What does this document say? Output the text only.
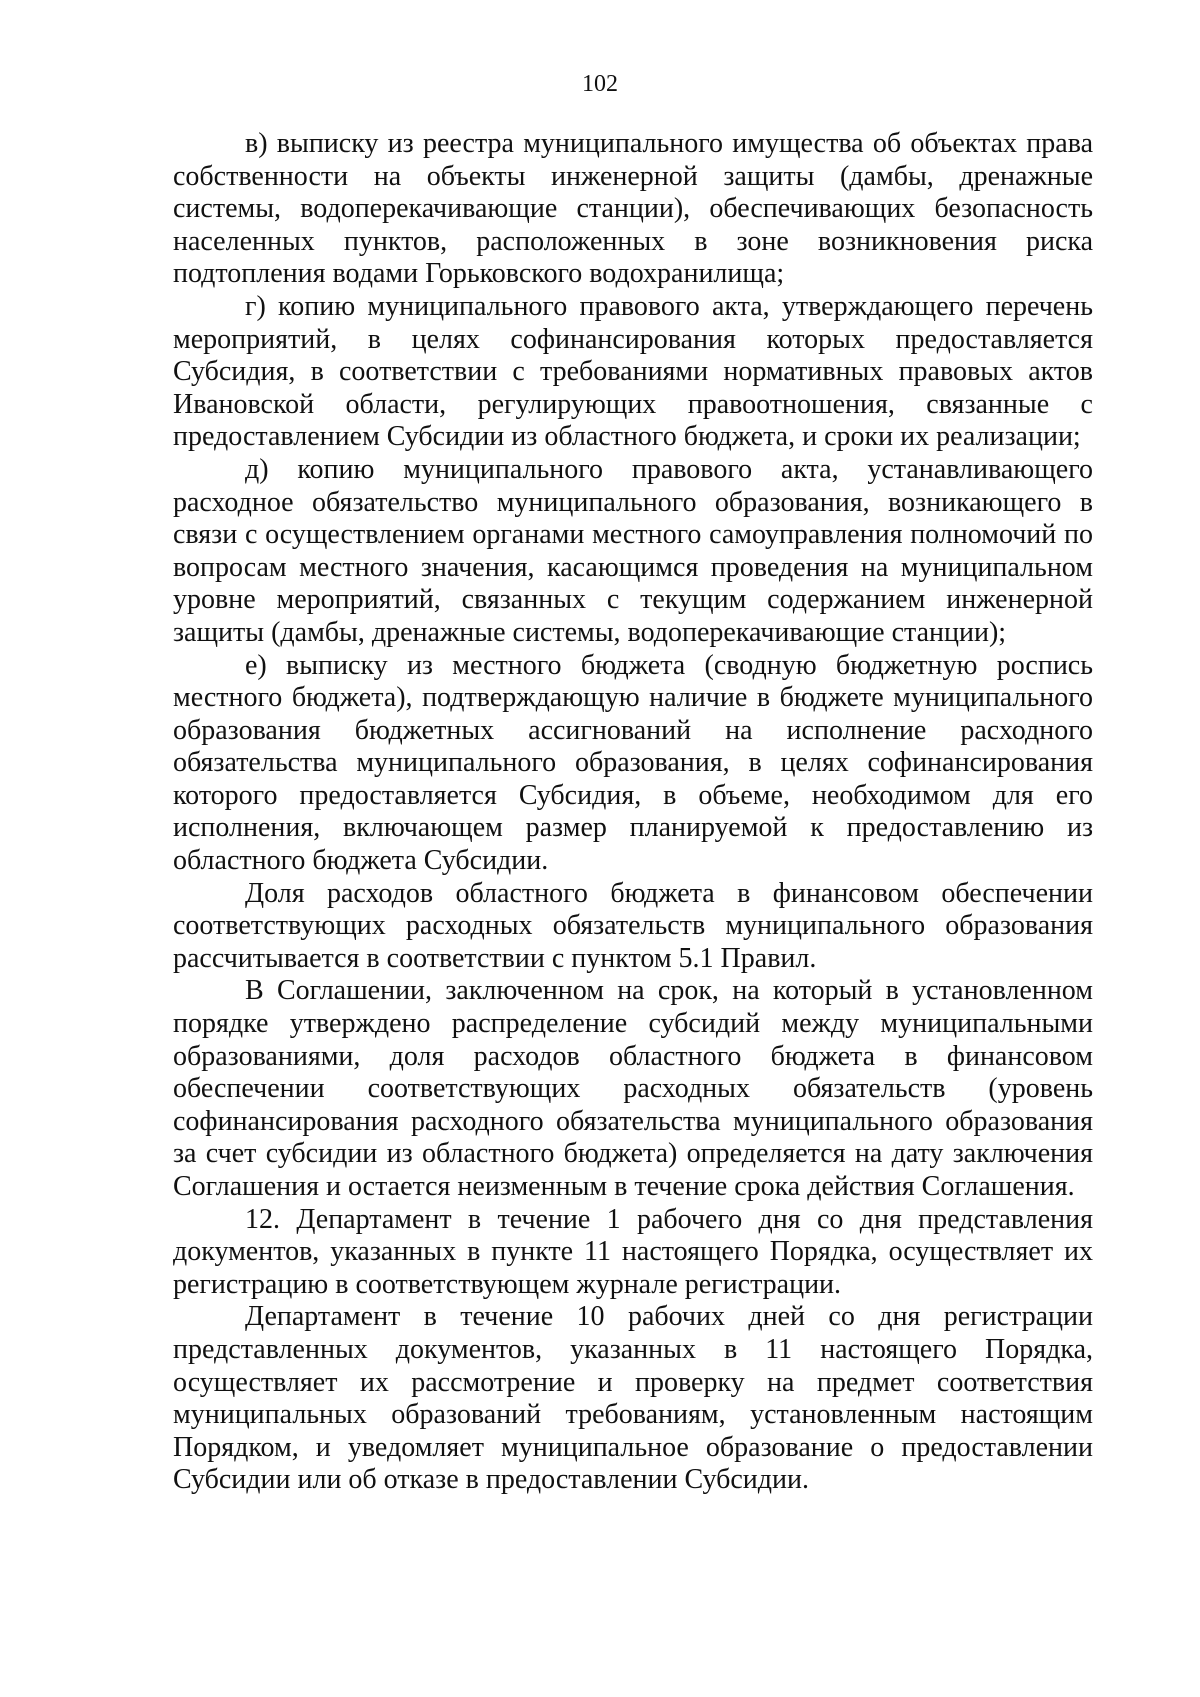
102

в) выписку из реестра муниципального имущества об объектах права собственности на объекты инженерной защиты (дамбы, дренажные системы, водоперекачивающие станции), обеспечивающих безопасность населенных пунктов, расположенных в зоне возникновения риска подтопления водами Горьковского водохранилища;

г) копию муниципального правового акта, утверждающего перечень мероприятий, в целях софинансирования которых предоставляется Субсидия, в соответствии с требованиями нормативных правовых актов Ивановской области, регулирующих правоотношения, связанные с предоставлением Субсидии из областного бюджета, и сроки их реализации;

д) копию муниципального правового акта, устанавливающего расходное обязательство муниципального образования, возникающего в связи с осуществлением органами местного самоуправления полномочий по вопросам местного значения, касающимся проведения на муниципальном уровне мероприятий, связанных с текущим содержанием инженерной защиты (дамбы, дренажные системы, водоперекачивающие станции);

е) выписку из местного бюджета (сводную бюджетную роспись местного бюджета), подтверждающую наличие в бюджете муниципального образования бюджетных ассигнований на исполнение расходного обязательства муниципального образования, в целях софинансирования которого предоставляется Субсидия, в объеме, необходимом для его исполнения, включающем размер планируемой к предоставлению из областного бюджета Субсидии.

Доля расходов областного бюджета в финансовом обеспечении соответствующих расходных обязательств муниципального образования рассчитывается в соответствии с пунктом 5.1 Правил.

В Соглашении, заключенном на срок, на который в установленном порядке утверждено распределение субсидий между муниципальными образованиями, доля расходов областного бюджета в финансовом обеспечении соответствующих расходных обязательств (уровень софинансирования расходного обязательства муниципального образования за счет субсидии из областного бюджета) определяется на дату заключения Соглашения и остается неизменным в течение срока действия Соглашения.

12. Департамент в течение 1 рабочего дня со дня представления документов, указанных в пункте 11 настоящего Порядка, осуществляет их регистрацию в соответствующем журнале регистрации.

Департамент в течение 10 рабочих дней со дня регистрации представленных документов, указанных в 11 настоящего Порядка, осуществляет их рассмотрение и проверку на предмет соответствия муниципальных образований требованиям, установленным настоящим Порядком, и уведомляет муниципальное образование о предоставлении Субсидии или об отказе в предоставлении Субсидии.
